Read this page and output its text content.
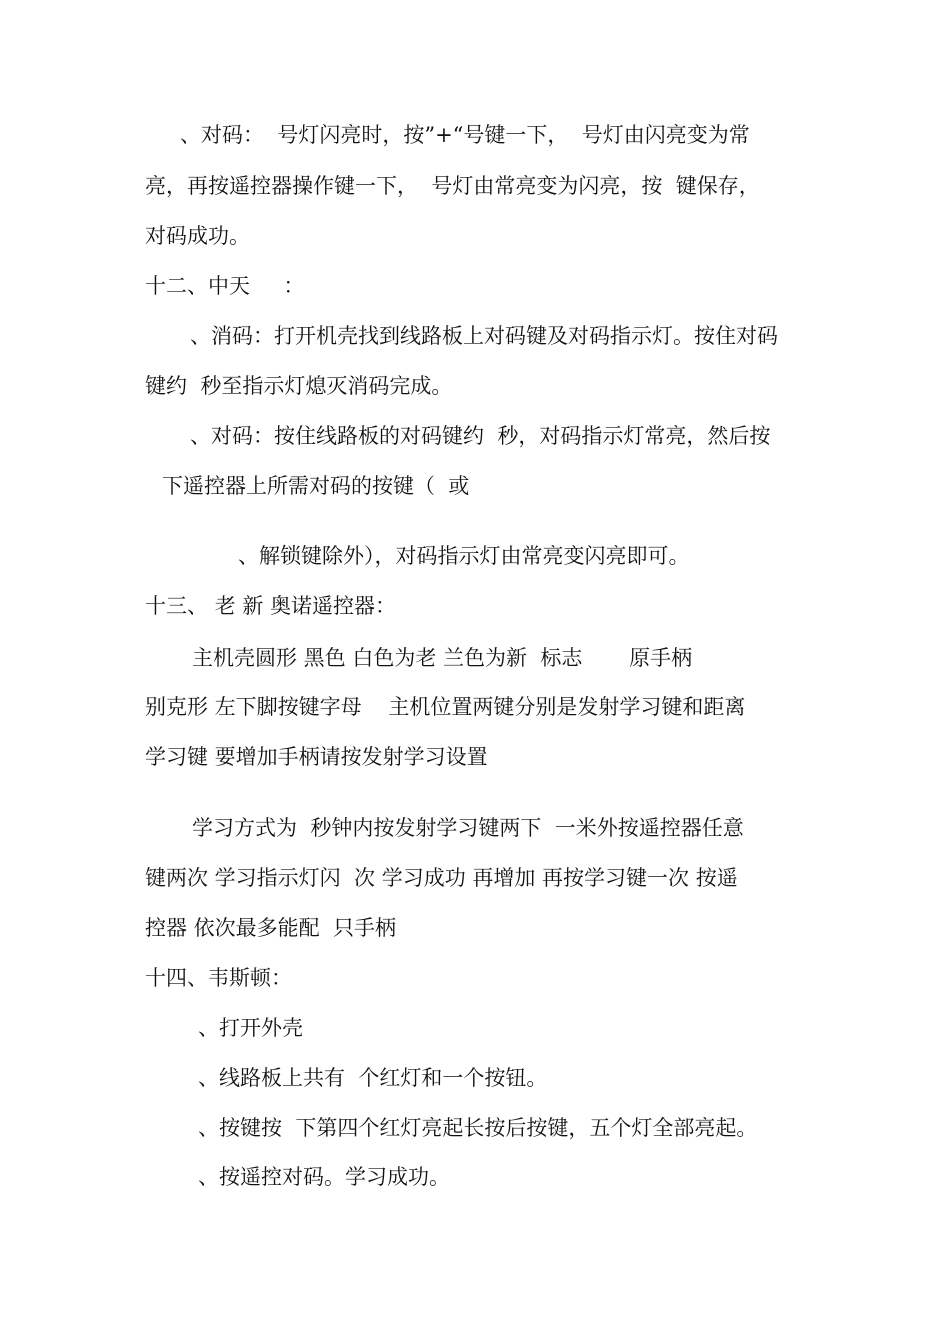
、对码：  号灯闪亮时，按”+“号键一下，  号灯由闪亮变为常
亮，再按遥控器操作键一下，  号灯由常亮变为闪亮，按  键保存，
对码成功。
十二、中天     ：
、消码：打开机壳找到线路板上对码键及对码指示灯。按住对码
键约  秒至指示灯熄灭消码完成。
、对码：按住线路板的对码键约  秒，对码指示灯常亮，然后按
下遥控器上所需对码的按键（  或
、解锁键除外），对码指示灯由常亮变闪亮即可。
十三、 老 新 奥诺遥控器：
主机壳圆形 黑色 白色为老 兰色为新  标志       原手柄
别克形 左下脚按键字母    主机位置两键分别是发射学习键和距离
学习键 要增加手柄请按发射学习设置
学习方式为  秒钟内按发射学习键两下  一米外按遥控器任意
键两次 学习指示灯闪  次 学习成功 再增加 再按学习键一次 按遥
控器 依次最多能配  只手柄
十四、韦斯顿：
、打开外壳
、线路板上共有  个红灯和一个按钮。
、按键按  下第四个红灯亮起长按后按键，五个灯全部亮起。
、按遥控对码。学习成功。
